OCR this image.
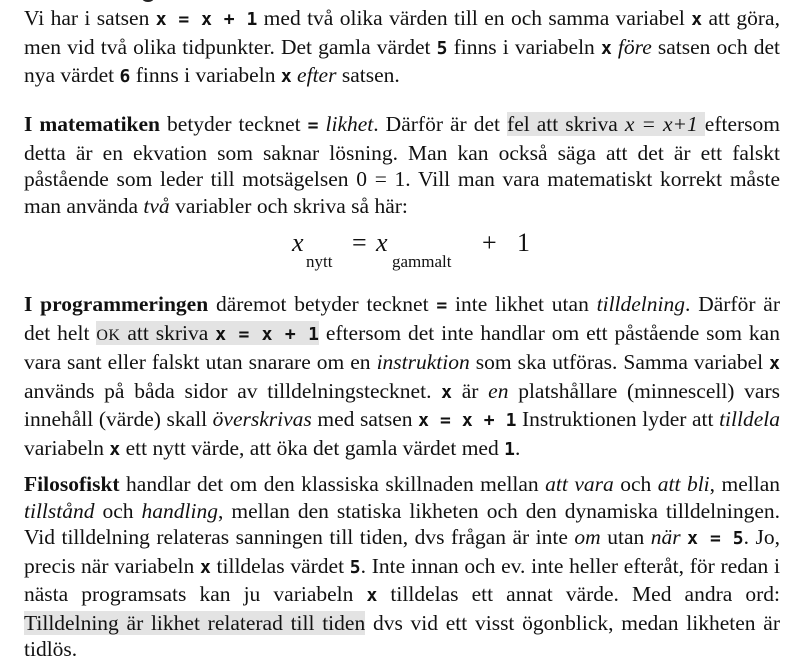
Vi har i satsen x = x + 1 med två olika värden till en och samma variabel x att göra, men vid två olika tidpunkter. Det gamla värdet 5 finns i variabeln x före satsen och det nya värdet 6 finns i variabeln x efter satsen.

I matematiken betyder tecknet = likhet. Därför är det fel att skriva x = x+1 eftersom detta är en ekvation som saknar lösning. Man kan också säga att det är ett falskt påstående som leder till motsägelsen 0 = 1. Vill man vara matematiskt korrekt måste man använda två variabler och skriva så här:

x
nytt
= x
gammalt
+ 1

I programmeringen däremot betyder tecknet = inte likhet utan tilldelning. Därför är det helt OK att skriva x = x + 1 eftersom det inte handlar om ett påstående som kan vara sant eller falskt utan snarare om en instruktion som ska utföras. Samma variabel x används på båda sidor av tilldelningstecknet. x är en platshållare (minnescell) vars innehåll (värde) skall överskrivas med satsen x = x + 1 Instruktionen lyder att tilldela variabeln x ett nytt värde, att öka det gamla värdet med 1.

Filosofiskt handlar det om den klassiska skillnaden mellan att vara och att bli, mellan tillstånd och handling, mellan den statiska likheten och den dynamiska tilldelningen. Vid tilldelning relateras sanningen till tiden, dvs frågan är inte om utan när x = 5. Jo, precis när variabeln x tilldelas värdet 5. Inte innan och ev. inte heller efteråt, för redan i nästa programsats kan ju variabeln x tilldelas ett annat värde. Med andra ord: Tilldelning är likhet relaterad till tiden dvs vid ett visst ögonblick, medan likheten är tidlös.
